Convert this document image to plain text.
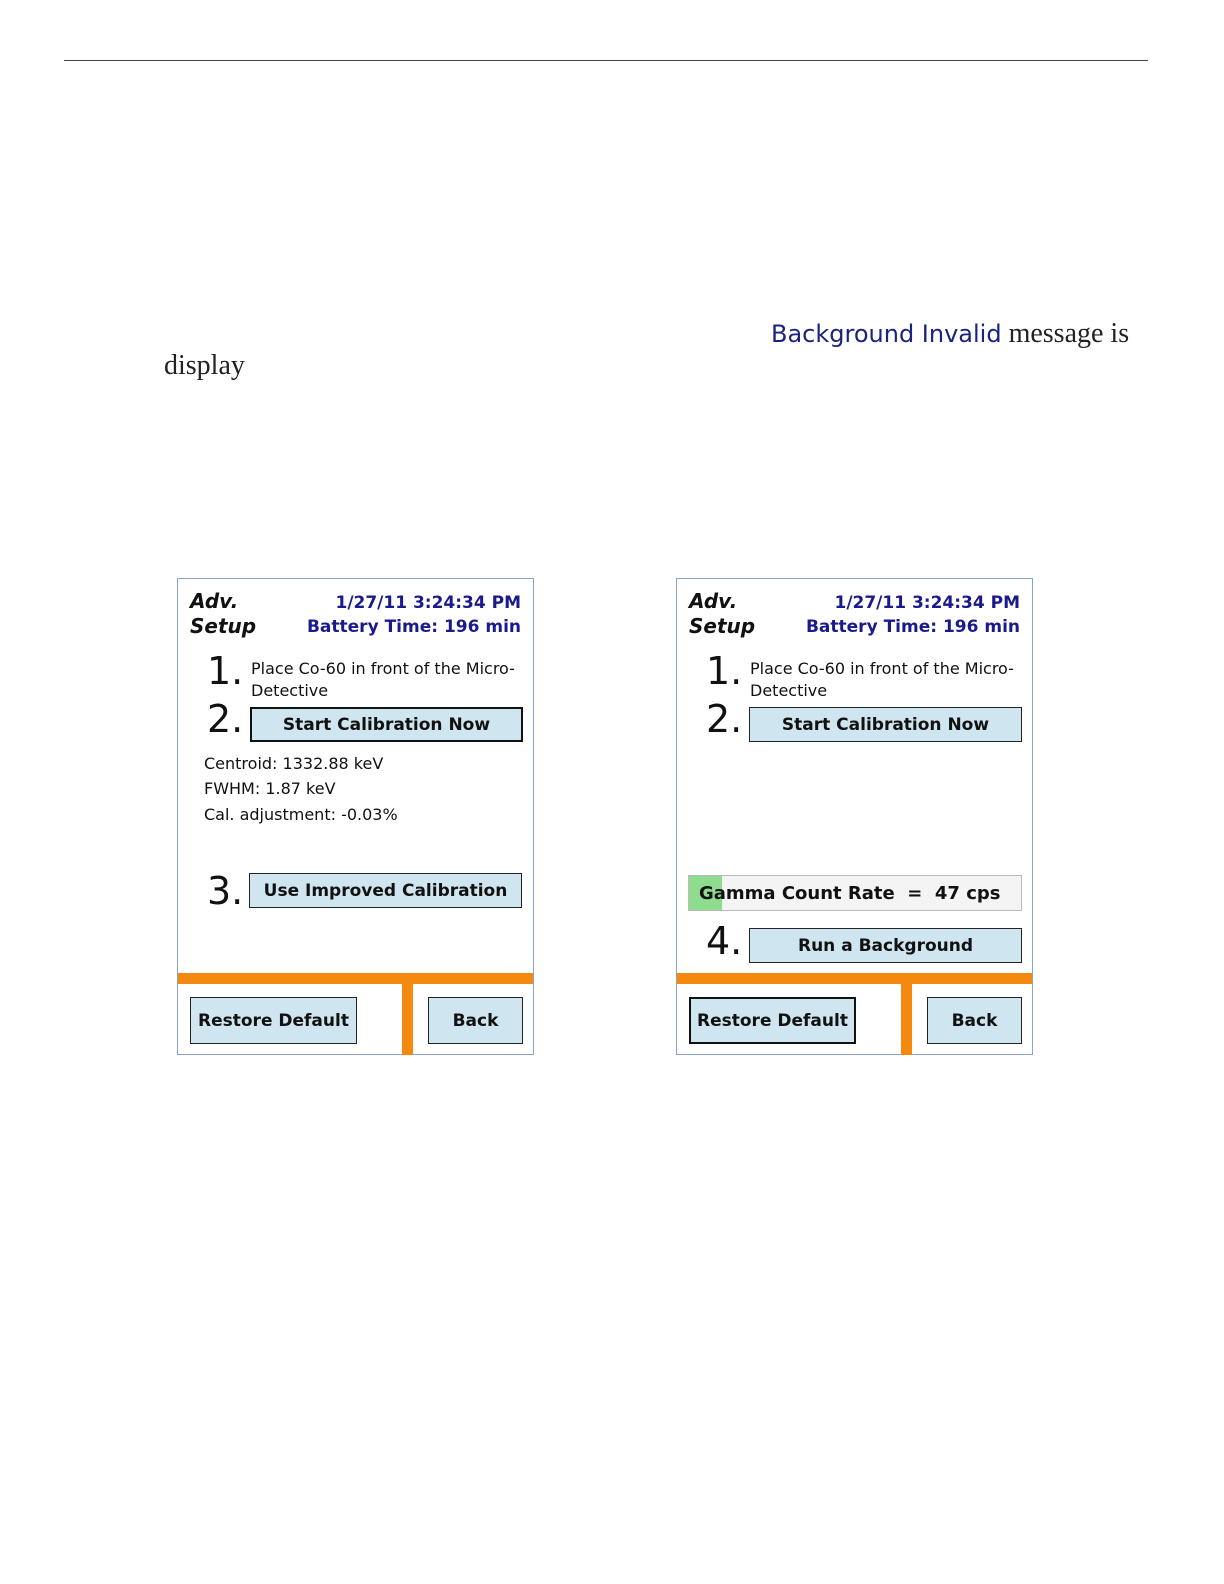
Background Invalid message is
display
Adv.
Setup
1/27/11 3:24:34 PM
Battery Time: 196 min
1. Place Co-60 in front of the Micro-Detective
2.	Start Calibration Now
Centroid: 1332.88 keV
FWHM: 1.87 keV
Cal. adjustment: -0.03%
3.	Use Improved Calibration
Restore Default	Back
Adv.
Setup
1/27/11 3:24:34 PM
Battery Time: 196 min
1. Place Co-60 in front of the Micro-Detective
2.	Start Calibration Now
Gamma Count Rate  =  47 cps
4.	Run a Background
Restore Default	Back
